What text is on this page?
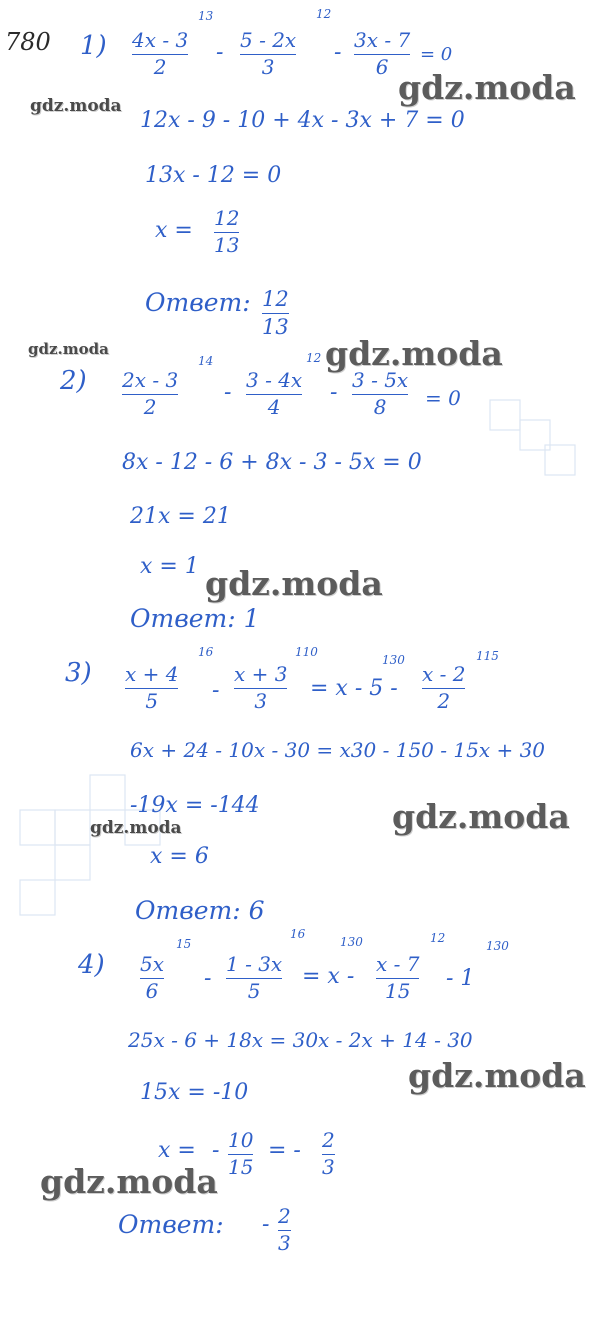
780 1) 4x - 3
2
13
- 5 - 2x
3
12
- 3x - 7
6
= 0
12x - 9 - 10 + 4x - 3x + 7 = 0
13x - 12 = 0
x = 12
13
Ответ: 12
13
2) 2x - 3
2
14
- 3 - 4x
4
12
- 3 - 5x
8 = 0
8x - 12 - 6 + 8x - 3 - 5x = 0
21x = 21
x = 1
Ответ: 1
3) x + 4
5
16
-
x + 3
3
110
= x - 5 -
130
x - 2
2
115
6x + 24 - 10x - 30 = x30 - 150 - 15x + 30
-19x = -144
x = 6
Ответ: 6
4) 5x
6
15
-
1 - 3x
5
16
= x -
130
x - 7
15
12
- 1
130
25x - 6 + 18x = 30x - 2x + 14 - 30
15x = -10
x = - 10
15
= - 2
3
Ответ: - 2
3
gdz.moda
gdz.moda
gdz.moda	gdz.moda
gdz.moda
gdz.moda
gdz.moda
gdz.moda
gdz.moda
